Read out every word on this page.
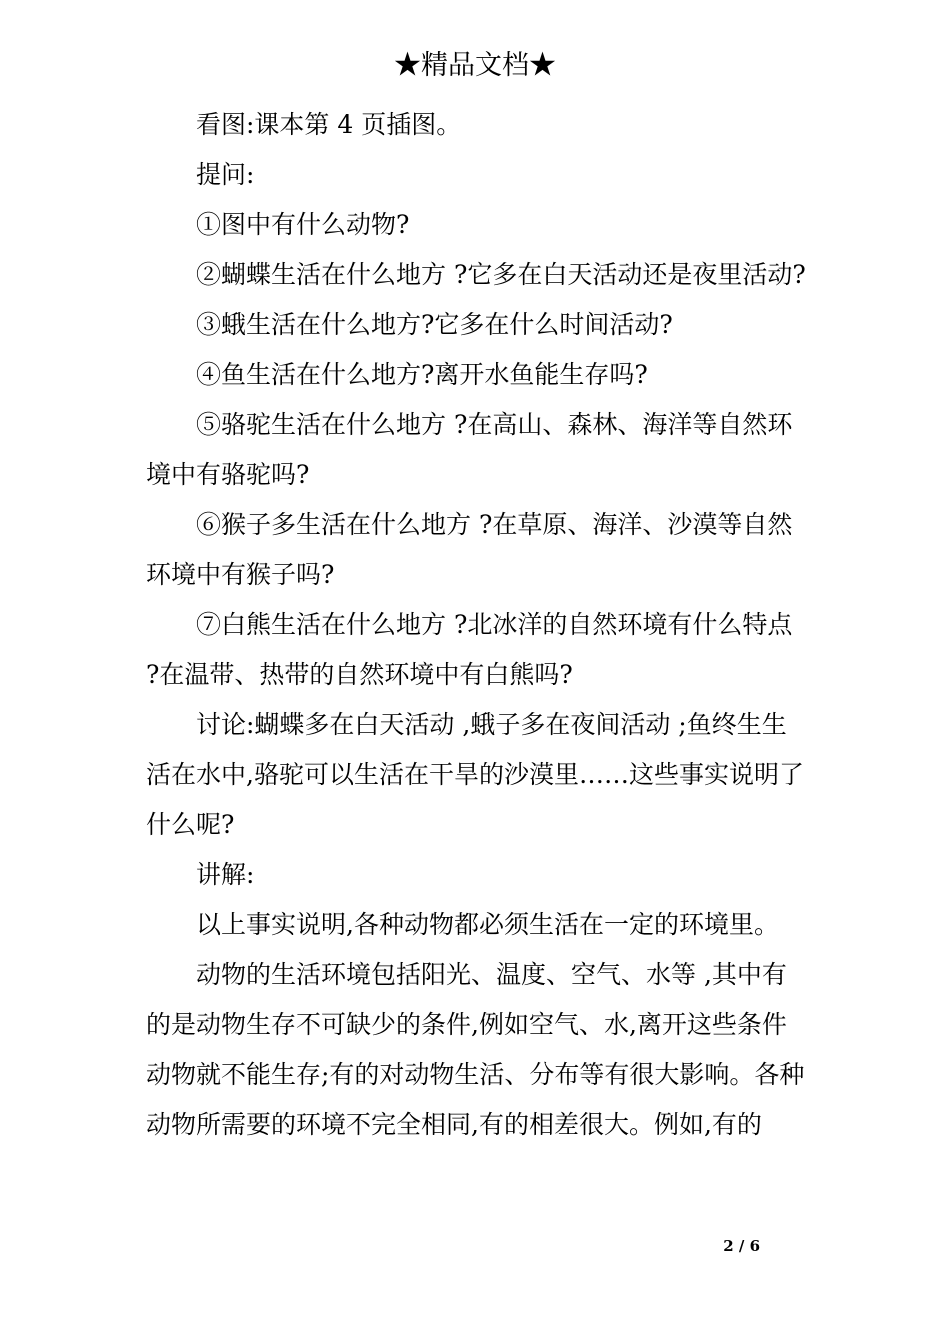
★精品文档★

看图:课本第 4 页插图。

提问:

①图中有什么动物?

②蝴蝶生活在什么地方 ?它多在白天活动还是夜里活动?

③蛾生活在什么地方?它多在什么时间活动?

④鱼生活在什么地方?离开水鱼能生存吗?

⑤骆驼生活在什么地方 ?在高山、森林、海洋等自然环境中有骆驼吗?

⑥猴子多生活在什么地方 ?在草原、海洋、沙漠等自然环境中有猴子吗?

⑦白熊生活在什么地方 ?北冰洋的自然环境有什么特点 ?在温带、热带的自然环境中有白熊吗?

讨论:蝴蝶多在白天活动 ,蛾子多在夜间活动 ;鱼终生生活在水中,骆驼可以生活在干旱的沙漠里……这些事实说明了什么呢?

讲解:

以上事实说明,各种动物都必须生活在一定的环境里。

动物的生活环境包括阳光、温度、空气、水等 ,其中有的是动物生存不可缺少的条件,例如空气、水,离开这些条件动物就不能生存;有的对动物生活、分布等有很大影响。各种动物所需要的环境不完全相同,有的相差很大。例如,有的

2 / 6
